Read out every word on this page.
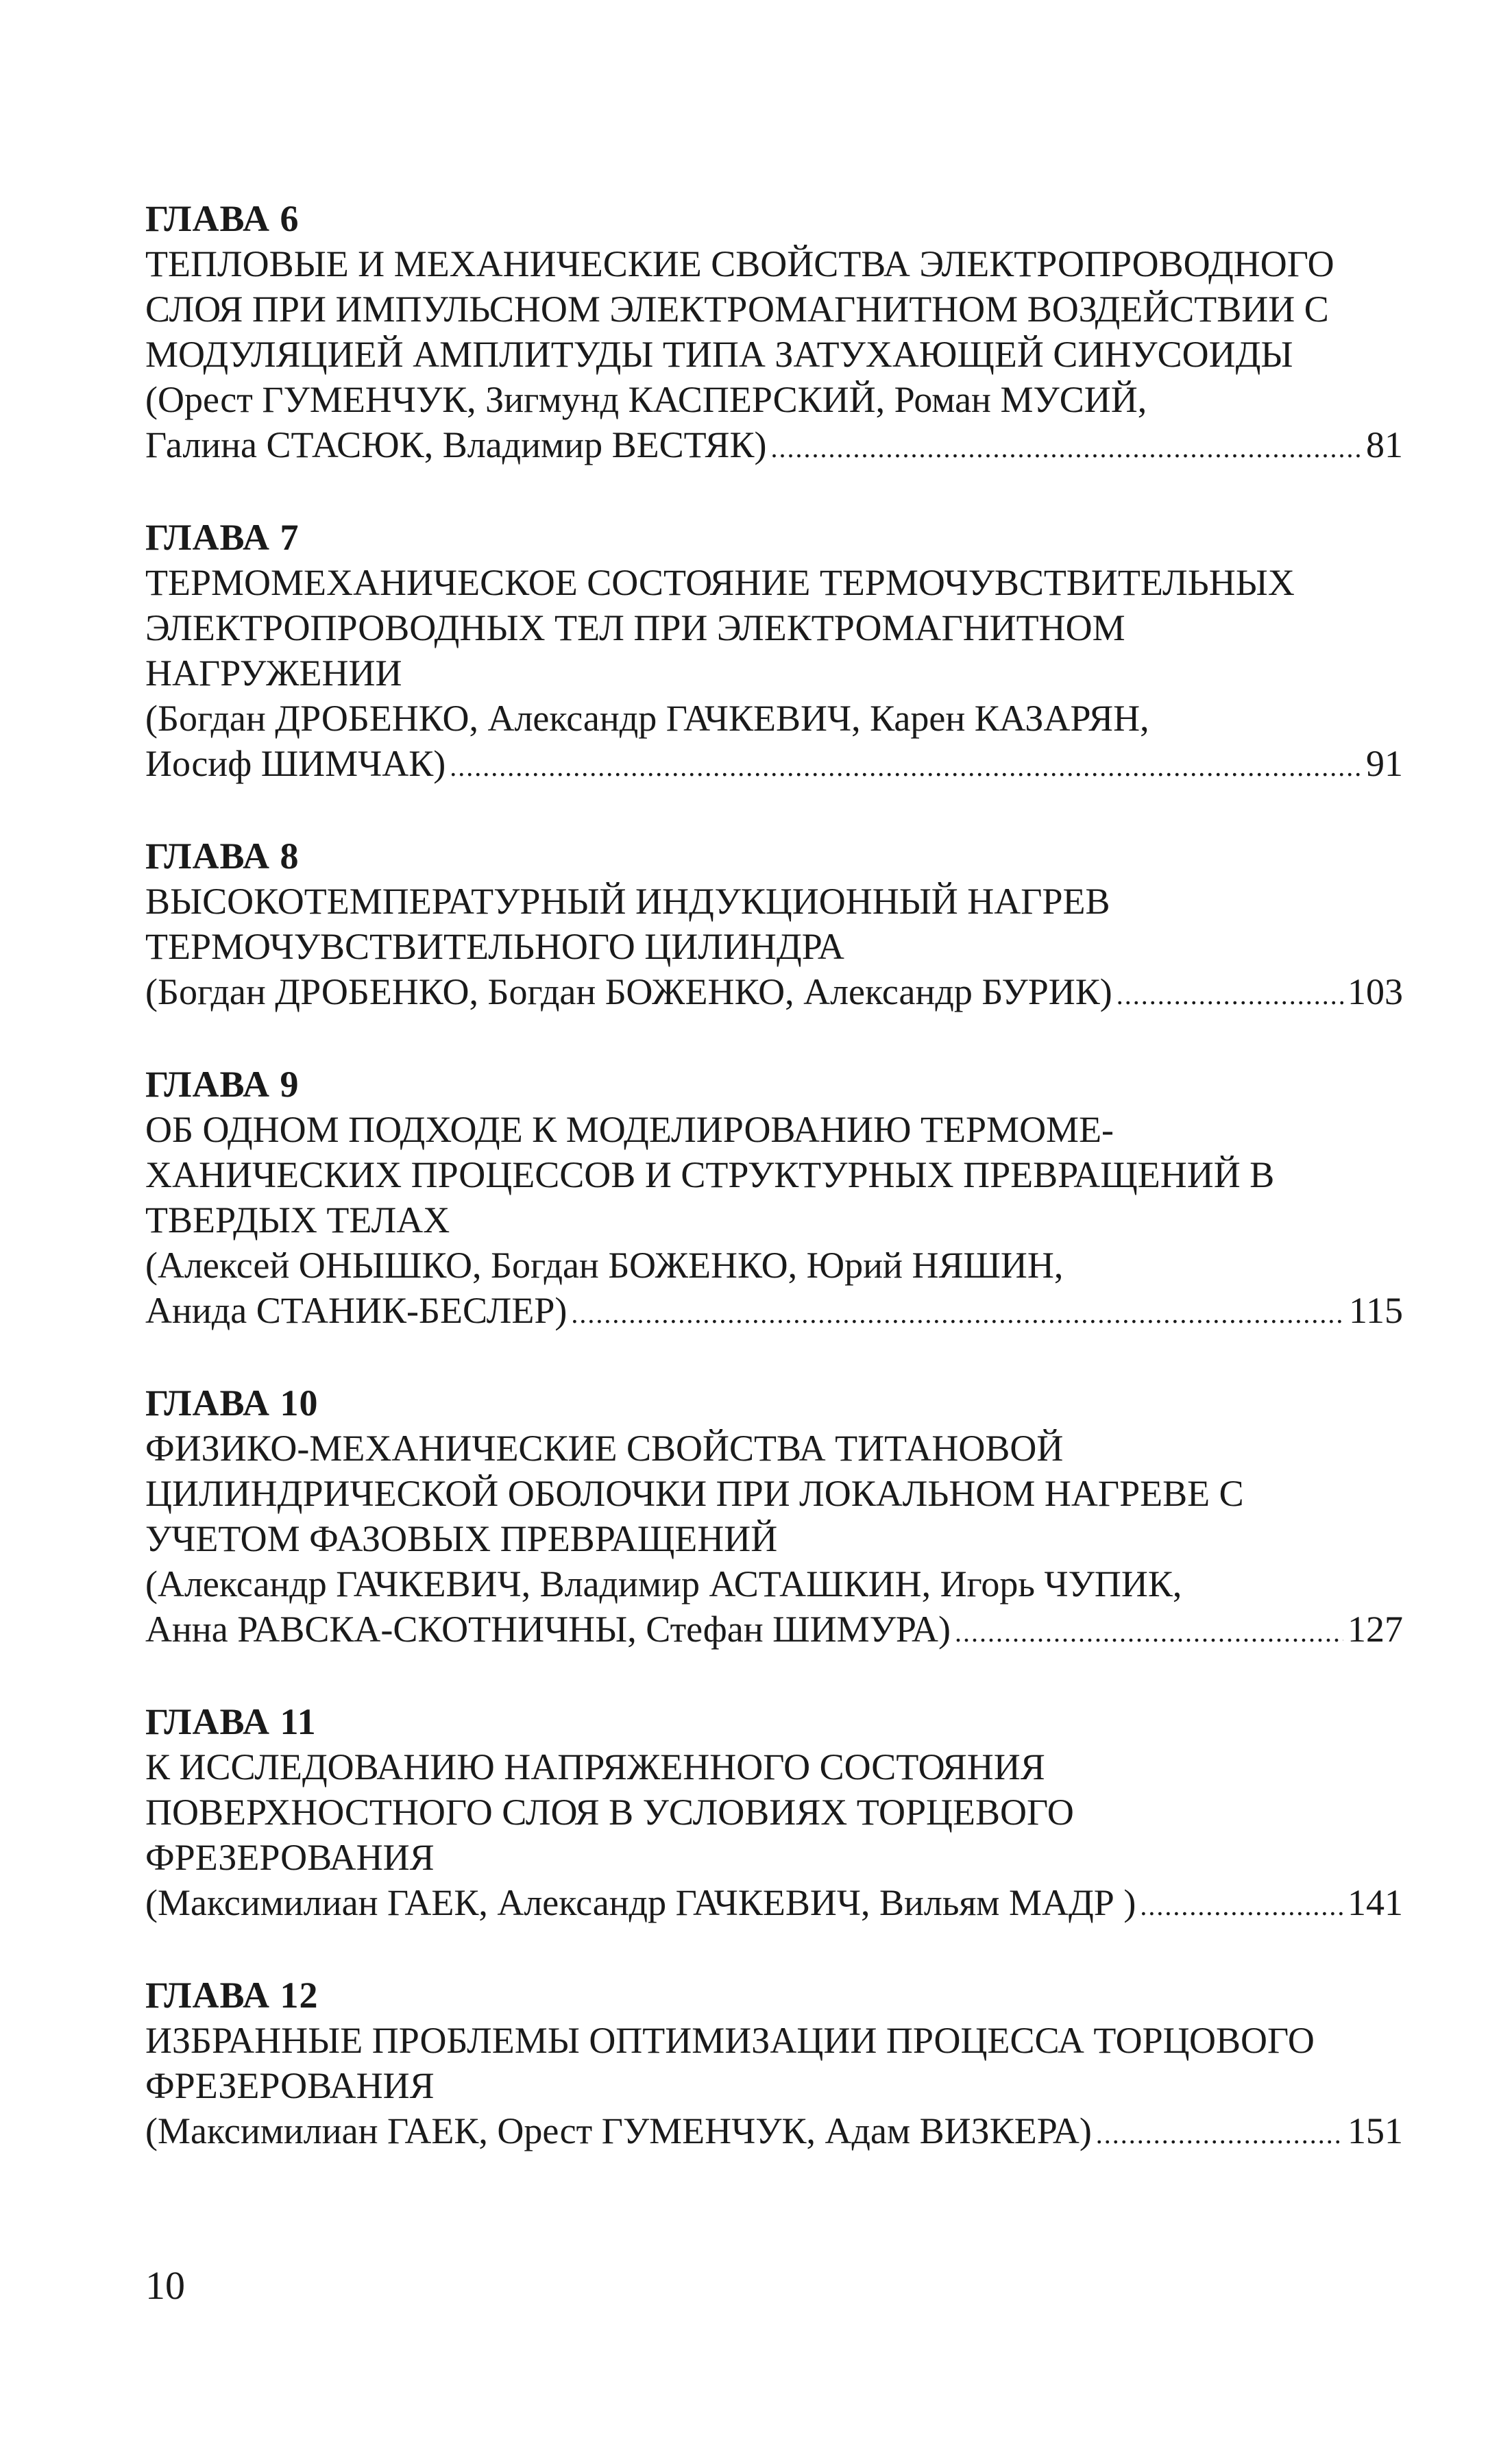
ГЛАВА 6
ТЕПЛОВЫЕ И МЕХАНИЧЕСКИЕ СВОЙСТВА ЭЛЕКТРОПРОВОДНОГО
СЛОЯ ПРИ ИМПУЛЬСНОМ ЭЛЕКТРОМАГНИТНОМ ВОЗДЕЙСТВИИ С
МОДУЛЯЦИЕЙ АМПЛИТУДЫ ТИПА ЗАТУХАЮЩЕЙ СИНУСОИДЫ
(Орест ГУМЕНЧУК, Зигмунд КАСПЕРСКИЙ, Роман МУСИЙ,
Галина СТАСЮК, Владимир ВЕСТЯК) . . .	81
ГЛАВА 7
ТЕРМОМЕХАНИЧЕСКОЕ СОСТОЯНИЕ ТЕРМОЧУВСТВИТЕЛЬНЫХ
ЭЛЕКТРОПРОВОДНЫХ ТЕЛ ПРИ ЭЛЕКТРОМАГНИТНОМ
НАГРУЖЕНИИ
(Богдан ДРОБЕНКО, Александр ГАЧКЕВИЧ, Карен КАЗАРЯН,
Иосиф ШИМЧАК) . . .	91
ГЛАВА 8
ВЫСОКОТЕМПЕРАТУРНЫЙ ИНДУКЦИОННЫЙ НАГРЕВ
ТЕРМОЧУВСТВИТЕЛЬНОГО ЦИЛИНДРА
(Богдан ДРОБЕНКО, Богдан БОЖЕНКО, Александр БУРИК) . . .	103
ГЛАВА 9
ОБ ОДНОМ ПОДХОДЕ К МОДЕЛИРОВАНИЮ ТЕРМОМЕ-
ХАНИЧЕСКИХ ПРОЦЕССОВ И СТРУКТУРНЫХ ПРЕВРАЩЕНИЙ В
ТВЕРДЫХ ТЕЛАХ
(Алексей ОНЫШКО, Богдан БОЖЕНКО, Юрий НЯШИН,
Анида СТАНИК-БЕСЛЕР) . . .	115
ГЛАВА 10
ФИЗИКО-МЕХАНИЧЕСКИЕ СВОЙСТВА ТИТАНОВОЙ
ЦИЛИНДРИЧЕСКОЙ ОБОЛОЧКИ ПРИ ЛОКАЛЬНОМ НАГРЕВЕ С
УЧЕТОМ ФАЗОВЫХ ПРЕВРАЩЕНИЙ
(Александр ГАЧКЕВИЧ, Владимир АСТАШКИН, Игорь ЧУПИК,
Анна РАВСКА-СКОТНИЧНЫ, Стефан ШИМУРА) . . .	127
ГЛАВА 11
К ИССЛЕДОВАНИЮ НАПРЯЖЕННОГО СОСТОЯНИЯ
ПОВЕРХНОСТНОГО СЛОЯ В УСЛОВИЯХ ТОРЦЕВОГО
ФРЕЗЕРОВАНИЯ
(Максимилиан ГАЕК, Александр ГАЧКЕВИЧ, Вильям МАДР ) . . .	141
ГЛАВА 12
ИЗБРАННЫЕ ПРОБЛЕМЫ ОПТИМИЗАЦИИ ПРОЦЕССА ТОРЦОВОГО
ФРЕЗЕРОВАНИЯ
(Максимилиан ГАЕК, Орест ГУМЕНЧУК, Адам ВИЗКЕРА) . . .	151
10
